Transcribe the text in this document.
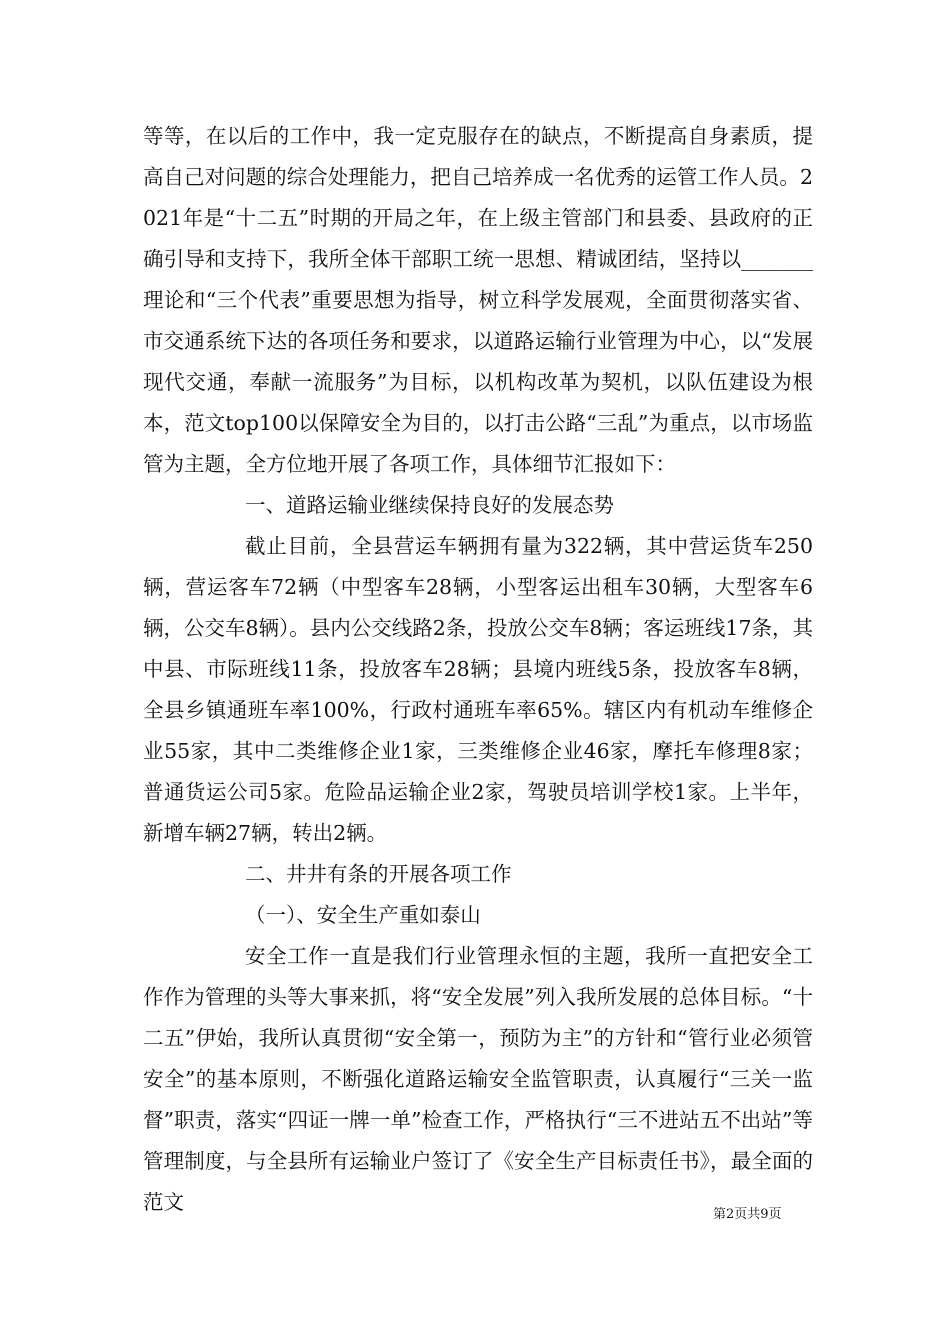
等等，在以后的工作中，我一定克服存在的缺点，不断提高自身素质，提高自己对问题的综合处理能力，把自己培养成一名优秀的运管工作人员。2021年是“十二五”时期的开局之年，在上级主管部门和县委、县政府的正确引导和支持下，我所全体干部职工统一思想、精诚团结，坚持以_______理论和“三个代表”重要思想为指导，树立科学发展观，全面贯彻落实省、市交通系统下达的各项任务和要求，以道路运输行业管理为中心，以“发展现代交通，奉献一流服务”为目标，以机构改革为契机，以队伍建设为根本，范文top100以保障安全为目的，以打击公路“三乱”为重点，以市场监管为主题，全方位地开展了各项工作，具体细节汇报如下：

一、道路运输业继续保持良好的发展态势

截止目前，全县营运车辆拥有量为322辆，其中营运货车250辆，营运客车72辆（中型客车28辆，小型客运出租车30辆，大型客车6辆，公交车8辆）。县内公交线路2条，投放公交车8辆；客运班线17条，其中县、市际班线11条，投放客车28辆；县境内班线5条，投放客车8辆，全县乡镇通班车率100%，行政村通班车率65%。辖区内有机动车维修企业55家，其中二类维修企业1家，三类维修企业46家，摩托车修理8家；普通货运公司5家。危险品运输企业2家，驾驶员培训学校1家。上半年，新增车辆27辆，转出2辆。

二、井井有条的开展各项工作

（一）、安全生产重如泰山

安全工作一直是我们行业管理永恒的主题，我所一直把安全工作作为管理的头等大事来抓，将“安全发展”列入我所发展的总体目标。“十二五”伊始，我所认真贯彻“安全第一，预防为主”的方针和“管行业必须管安全”的基本原则，不断强化道路运输安全监管职责，认真履行“三关一监督”职责，落实“四证一牌一单”检查工作，严格执行“三不进站五不出站”等管理制度，与全县所有运输业户签订了《安全生产目标责任书》，最全面的范文

第2页共9页
